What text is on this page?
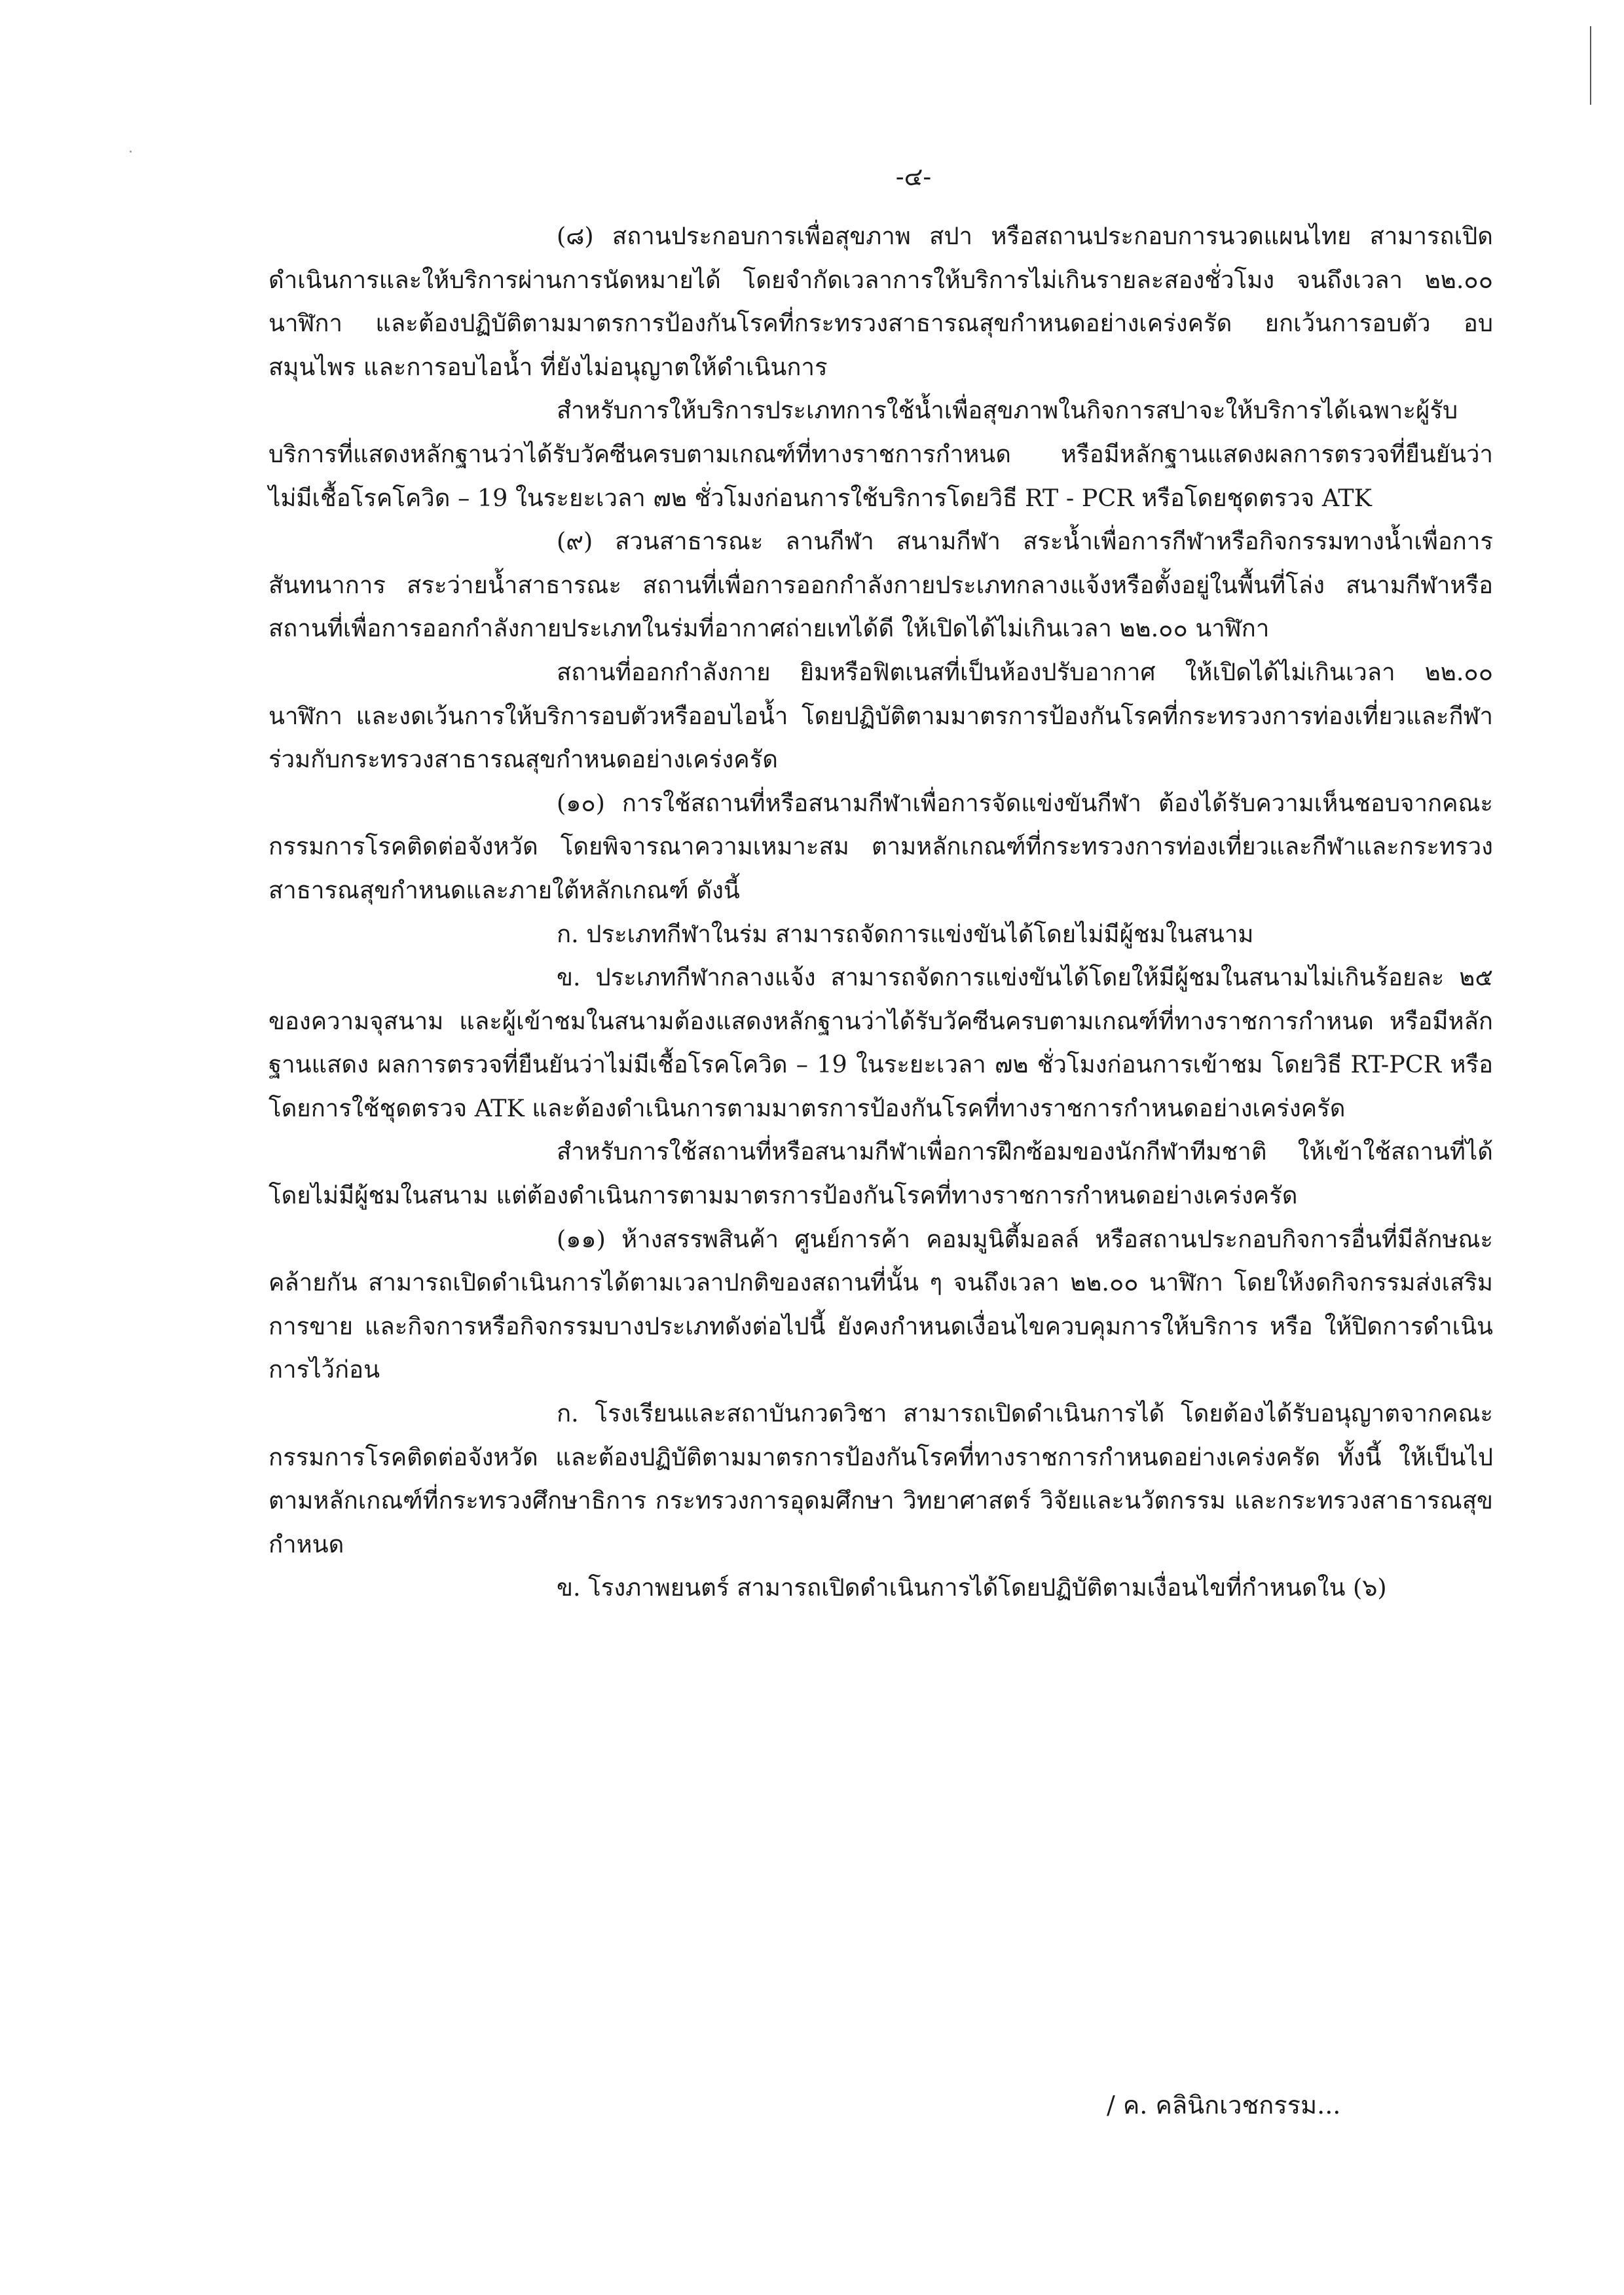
-๔-

(๘) สถานประกอบการเพื่อสุขภาพ สปา หรือสถานประกอบการนวดแผนไทย สามารถเปิดดำเนินการและให้บริการผ่านการนัดหมายได้ โดยจำกัดเวลาการให้บริการไม่เกินรายละสองชั่วโมง จนถึงเวลา ๒๒.๐๐ นาฬิกา และต้องปฏิบัติตามมาตรการป้องกันโรคที่กระทรวงสาธารณสุขกำหนดอย่างเคร่งครัด ยกเว้นการอบตัว อบสมุนไพร และการอบไอน้ำ ที่ยังไม่อนุญาตให้ดำเนินการ

สำหรับการให้บริการประเภทการใช้น้ำเพื่อสุขภาพในกิจการสปาจะให้บริการได้เฉพาะผู้รับบริการที่แสดงหลักฐานว่าได้รับวัคซีนครบตามเกณฑ์ที่ทางราชการกำหนด หรือมีหลักฐานแสดงผลการตรวจที่ยืนยันว่าไม่มีเชื้อโรคโควิด – 19 ในระยะเวลา ๗๒ ชั่วโมงก่อนการใช้บริการโดยวิธี RT - PCR หรือโดยชุดตรวจ ATK

(๙) สวนสาธารณะ ลานกีฬา สนามกีฬา สระน้ำเพื่อการกีฬาหรือกิจกรรมทางน้ำเพื่อการสันทนาการ สระว่ายน้ำสาธารณะ สถานที่เพื่อการออกกำลังกายประเภทกลางแจ้งหรือตั้งอยู่ในพื้นที่โล่ง สนามกีฬาหรือสถานที่เพื่อการออกกำลังกายประเภทในร่มที่อากาศถ่ายเทได้ดี ให้เปิดได้ไม่เกินเวลา ๒๒.๐๐ นาฬิกา

สถานที่ออกกำลังกาย ยิมหรือฟิตเนสที่เป็นห้องปรับอากาศ ให้เปิดได้ไม่เกินเวลา ๒๒.๐๐ นาฬิกา และงดเว้นการให้บริการอบตัวหรืออบไอน้ำ โดยปฏิบัติตามมาตรการป้องกันโรคที่กระทรวงการท่องเที่ยวและกีฬาร่วมกับกระทรวงสาธารณสุขกำหนดอย่างเคร่งครัด

(๑๐) การใช้สถานที่หรือสนามกีฬาเพื่อการจัดแข่งขันกีฬา ต้องได้รับความเห็นชอบจากคณะกรรมการโรคติดต่อจังหวัด โดยพิจารณาความเหมาะสม ตามหลักเกณฑ์ที่กระทรวงการท่องเที่ยวและกีฬาและกระทรวงสาธารณสุขกำหนดและภายใต้หลักเกณฑ์ ดังนี้

ก. ประเภทกีฬาในร่ม สามารถจัดการแข่งขันได้โดยไม่มีผู้ชมในสนาม

ข. ประเภทกีฬากลางแจ้ง สามารถจัดการแข่งขันได้โดยให้มีผู้ชมในสนามไม่เกินร้อยละ ๒๕ ของความจุสนาม และผู้เข้าชมในสนามต้องแสดงหลักฐานว่าได้รับวัคซีนครบตามเกณฑ์ที่ทางราชการกำหนด หรือมีหลักฐานแสดง ผลการตรวจที่ยืนยันว่าไม่มีเชื้อโรคโควิด – 19 ในระยะเวลา ๗๒ ชั่วโมงก่อนการเข้าชม โดยวิธี RT-PCR หรือโดยการใช้ชุดตรวจ ATK และต้องดำเนินการตามมาตรการป้องกันโรคที่ทางราชการกำหนดอย่างเคร่งครัด

สำหรับการใช้สถานที่หรือสนามกีฬาเพื่อการฝึกซ้อมของนักกีฬาทีมชาติ ให้เข้าใช้สถานที่ได้ โดยไม่มีผู้ชมในสนาม แต่ต้องดำเนินการตามมาตรการป้องกันโรคที่ทางราชการกำหนดอย่างเคร่งครัด

(๑๑) ห้างสรรพสินค้า ศูนย์การค้า คอมมูนิตี้มอลล์ หรือสถานประกอบกิจการอื่นที่มีลักษณะคล้ายกัน สามารถเปิดดำเนินการได้ตามเวลาปกติของสถานที่นั้น ๆ จนถึงเวลา ๒๒.๐๐ นาฬิกา โดยให้งดกิจกรรมส่งเสริมการขาย และกิจการหรือกิจกรรมบางประเภทดังต่อไปนี้ ยังคงกำหนดเงื่อนไขควบคุมการให้บริการ หรือ ให้ปิดการดำเนินการไว้ก่อน

ก. โรงเรียนและสถาบันกวดวิชา สามารถเปิดดำเนินการได้ โดยต้องได้รับอนุญาตจากคณะกรรมการโรคติดต่อจังหวัด และต้องปฏิบัติตามมาตรการป้องกันโรคที่ทางราชการกำหนดอย่างเคร่งครัด ทั้งนี้ ให้เป็นไปตามหลักเกณฑ์ที่กระทรวงศึกษาธิการ กระทรวงการอุดมศึกษา วิทยาศาสตร์ วิจัยและนวัตกรรม และกระทรวงสาธารณสุขกำหนด

ข. โรงภาพยนตร์ สามารถเปิดดำเนินการได้โดยปฏิบัติตามเงื่อนไขที่กำหนดใน (๖)

/ ค. คลินิกเวชกรรม...
